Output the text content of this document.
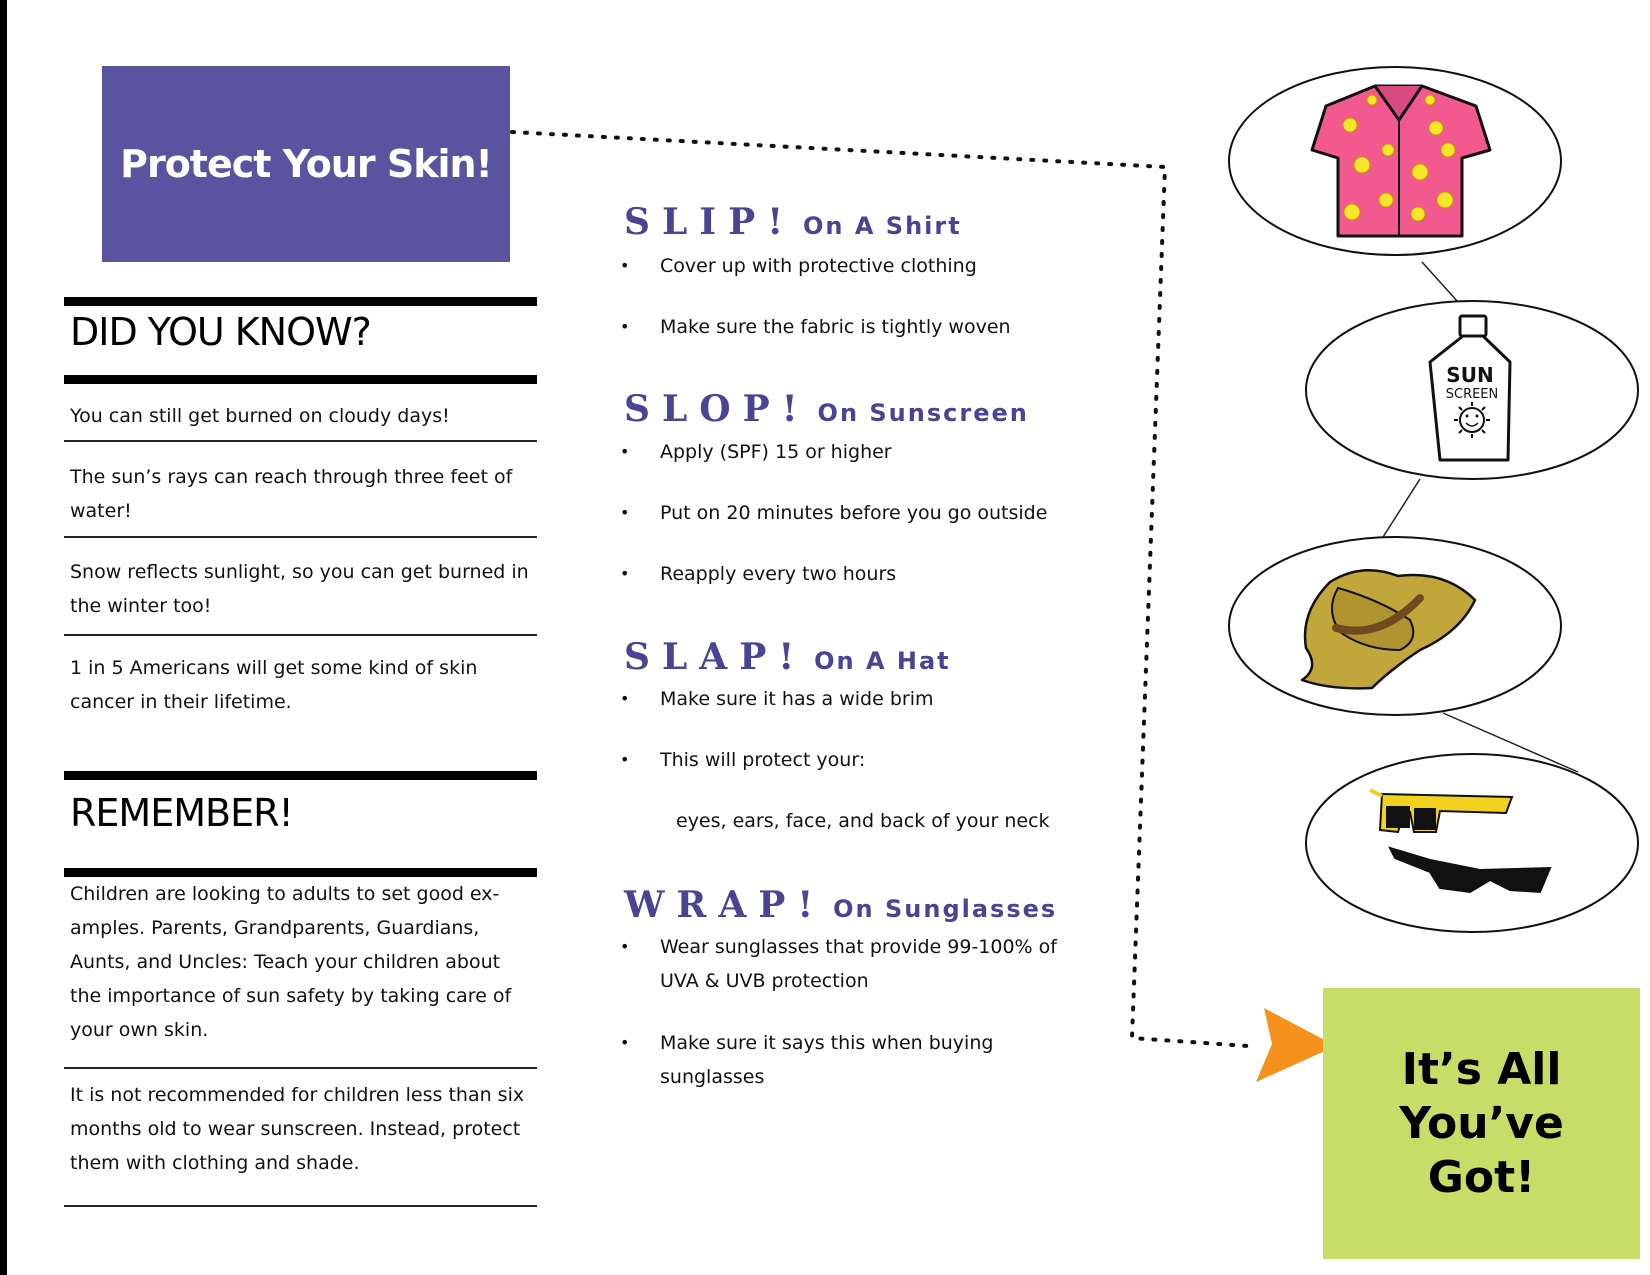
Protect Your Skin!
DID YOU KNOW?
You can still get burned on cloudy days!
The sun’s rays can reach through three feet of water!
Snow reflects sunlight, so you can get burned in the winter too!
1 in 5 Americans will get some kind of skin cancer in their lifetime.
REMEMBER!
Children are looking to adults to set good ex-amples. Parents, Grandparents, Guardians, Aunts, and Uncles: Teach your children about the importance of sun safety by taking care of your own skin.
It is not recommended for children less than six months old to wear sunscreen. Instead, protect them with clothing and shade.
SLIP! On A Shirt
• Cover up with protective clothing
• Make sure the fabric is tightly woven
SLOP! On Sunscreen
• Apply (SPF) 15 or higher
• Put on 20 minutes before you go outside
• Reapply every two hours
SLAP! On A Hat
• Make sure it has a wide brim
• This will protect your:
eyes, ears, face, and back of your neck
WRAP! On Sunglasses
• Wear sunglasses that provide 99-100% of UVA & UVB protection
• Make sure it says this when buying sunglasses
SUN
SCREEN
It’s All
You’ve
Got!
